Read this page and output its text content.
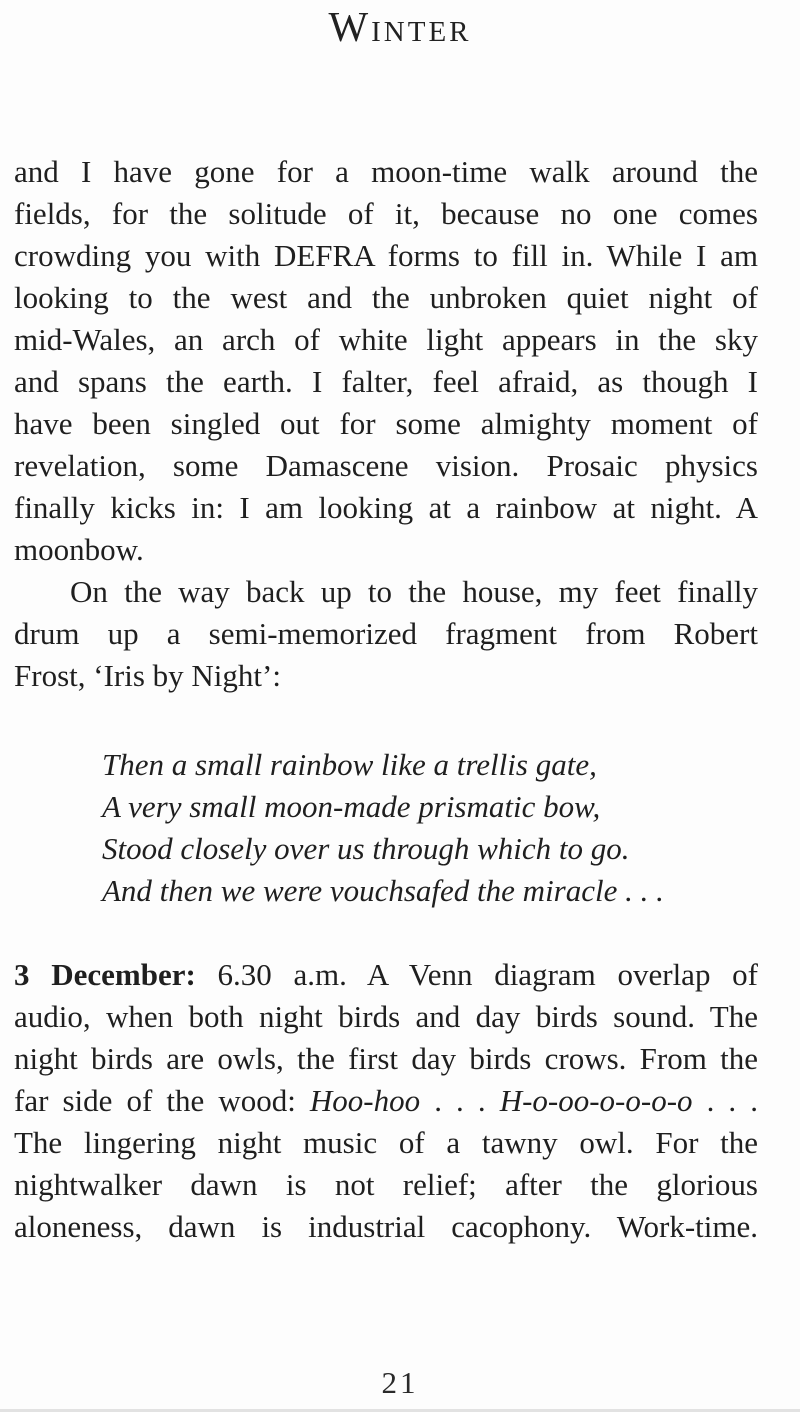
WINTER
and I have gone for a moon-time walk around the
fields, for the solitude of it, because no one comes
crowding you with DEFRA forms to fill in. While I am
looking to the west and the unbroken quiet night of
mid-Wales, an arch of white light appears in the sky
and spans the earth. I falter, feel afraid, as though I
have been singled out for some almighty moment of
revelation, some Damascene vision. Prosaic physics
finally kicks in: I am looking at a rainbow at night. A
moonbow.
On the way back up to the house, my feet finally
drum up a semi-memorized fragment from Robert
Frost, ‘Iris by Night’:
Then a small rainbow like a trellis gate,
A very small moon-made prismatic bow,
Stood closely over us through which to go.
And then we were vouchsafed the miracle . . .
3 December: 6.30 a.m. A Venn diagram overlap of
audio, when both night birds and day birds sound. The
night birds are owls, the first day birds crows. From the
far side of the wood: Hoo-hoo . . . H-o-oo-o-o-o-o . . .
The lingering night music of a tawny owl. For the
nightwalker dawn is not relief; after the glorious
aloneness, dawn is industrial cacophony. Work-time.
21
